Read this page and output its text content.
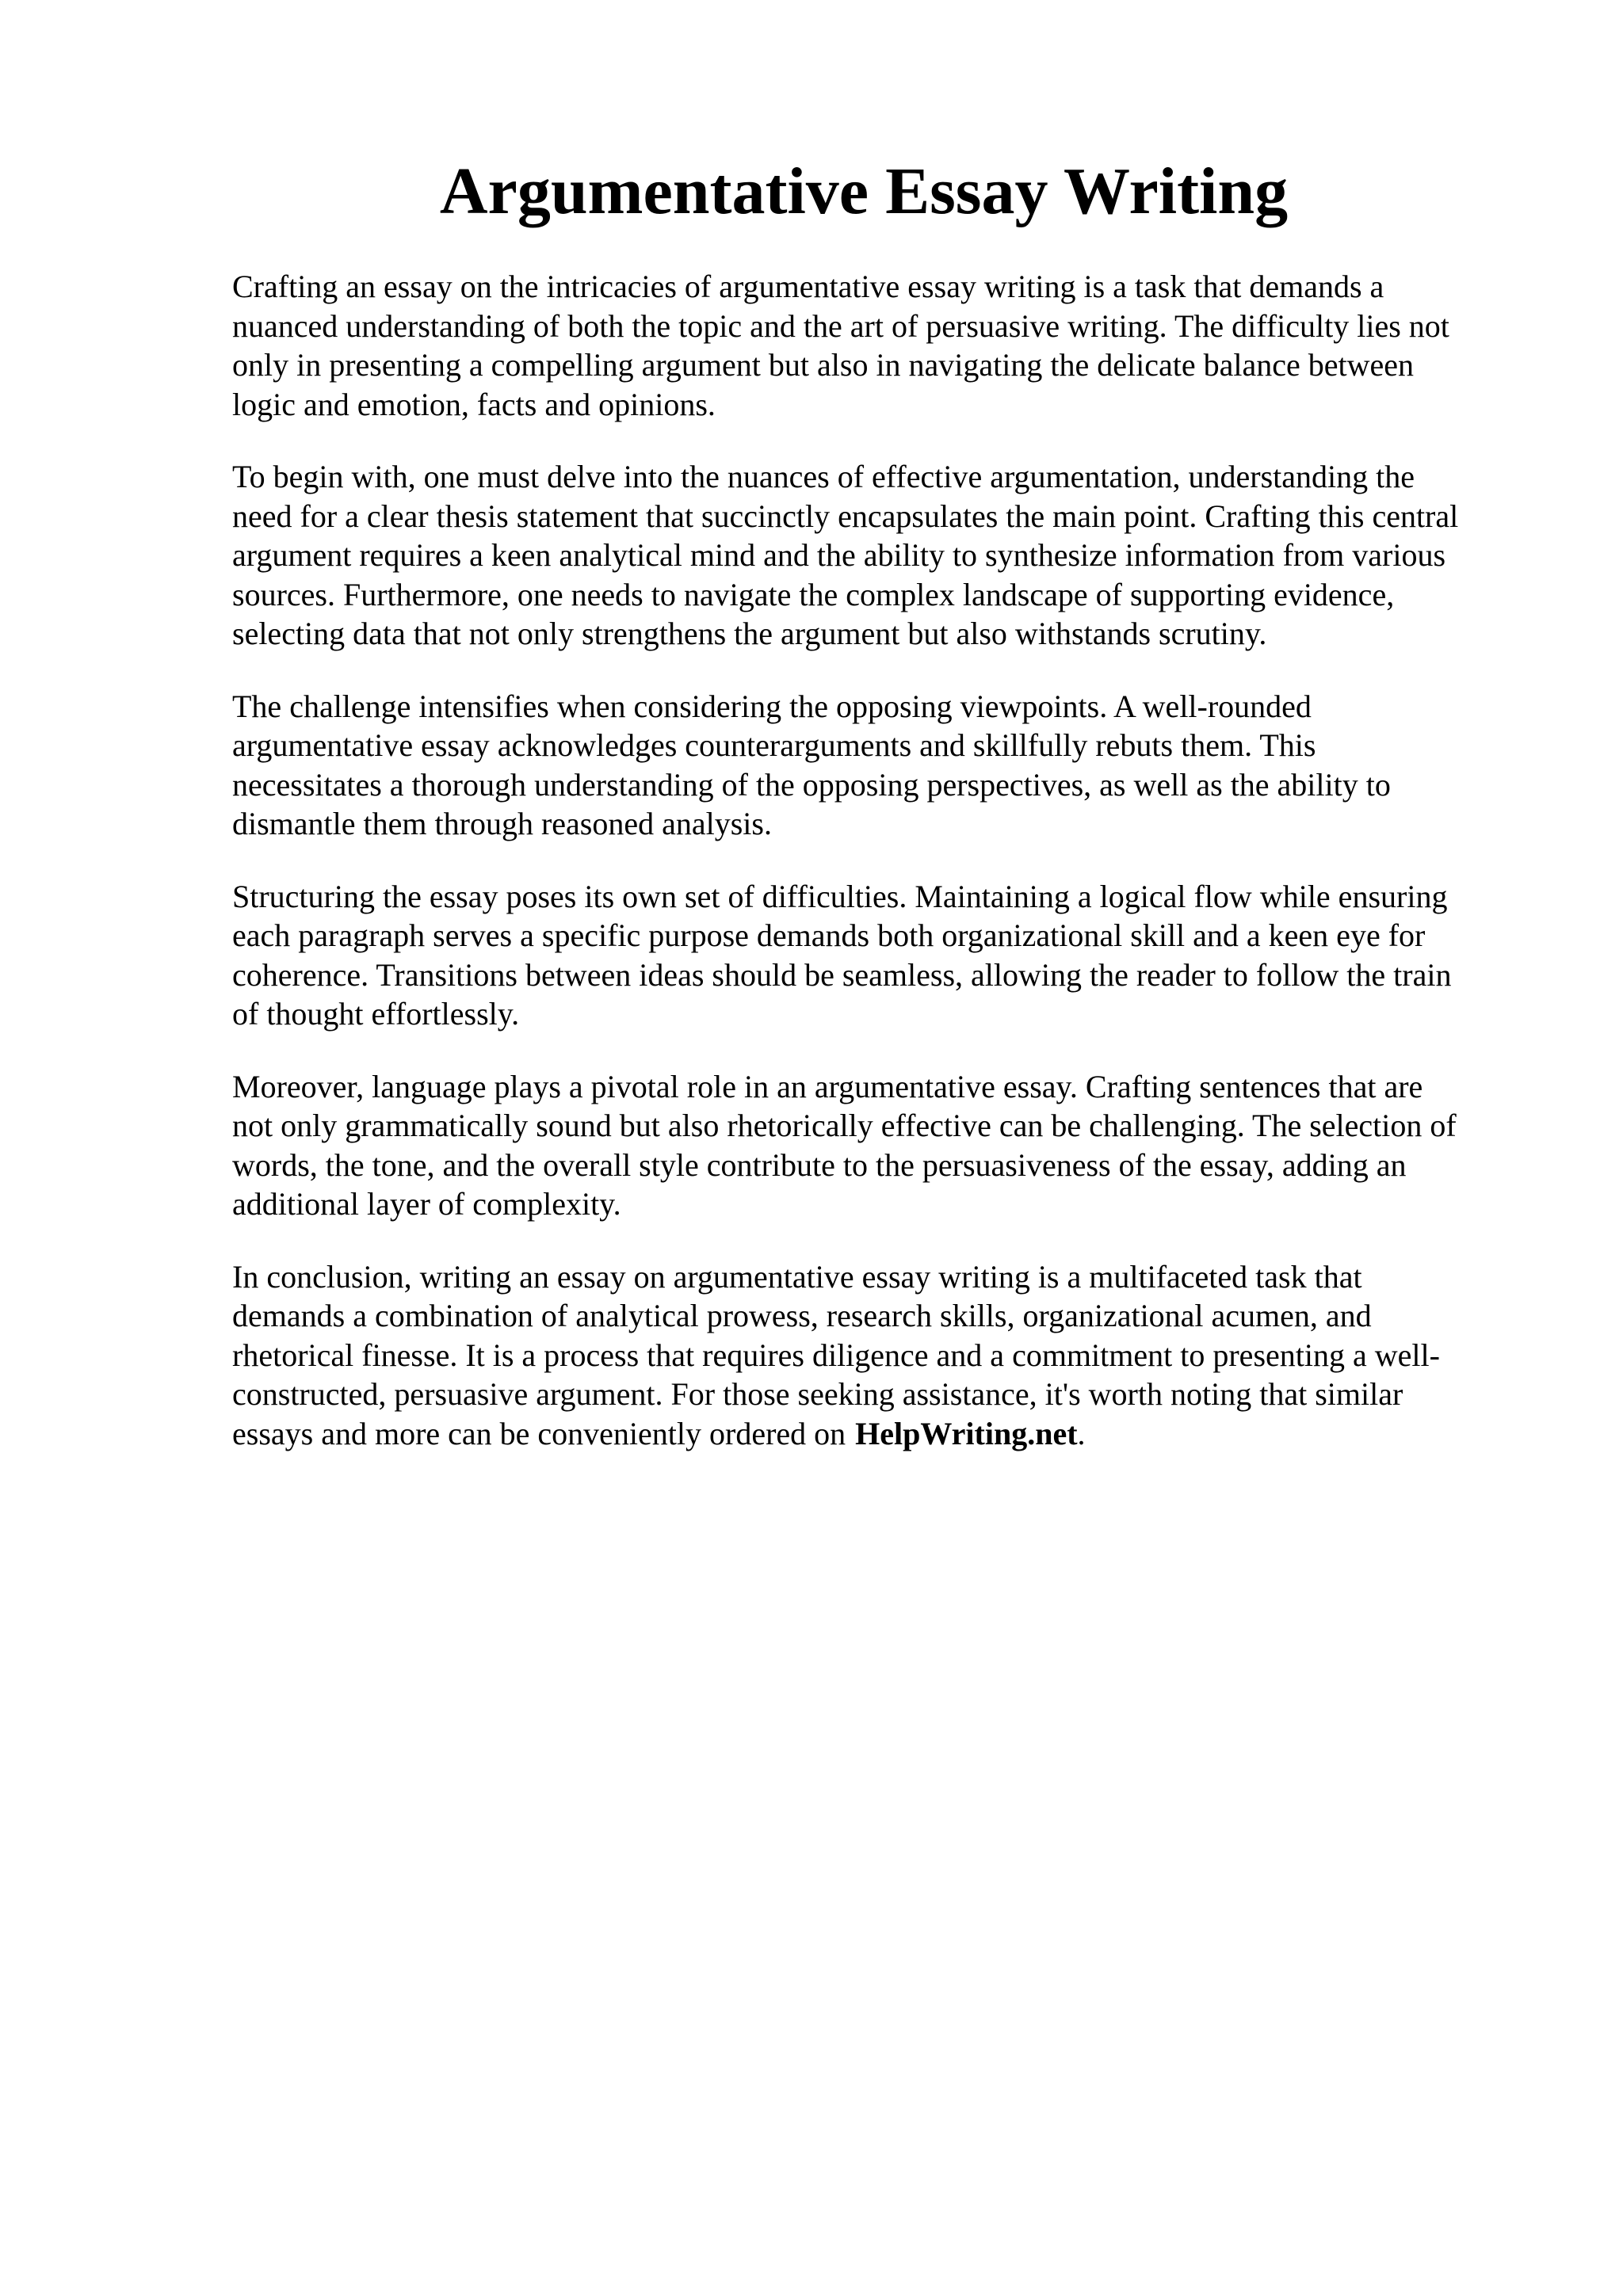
Argumentative Essay Writing

Crafting an essay on the intricacies of argumentative essay writing is a task that demands a
nuanced understanding of both the topic and the art of persuasive writing. The difficulty lies not
only in presenting a compelling argument but also in navigating the delicate balance between
logic and emotion, facts and opinions.

To begin with, one must delve into the nuances of effective argumentation, understanding the
need for a clear thesis statement that succinctly encapsulates the main point. Crafting this central
argument requires a keen analytical mind and the ability to synthesize information from various
sources. Furthermore, one needs to navigate the complex landscape of supporting evidence,
selecting data that not only strengthens the argument but also withstands scrutiny.

The challenge intensifies when considering the opposing viewpoints. A well-rounded
argumentative essay acknowledges counterarguments and skillfully rebuts them. This
necessitates a thorough understanding of the opposing perspectives, as well as the ability to
dismantle them through reasoned analysis.

Structuring the essay poses its own set of difficulties. Maintaining a logical flow while ensuring
each paragraph serves a specific purpose demands both organizational skill and a keen eye for
coherence. Transitions between ideas should be seamless, allowing the reader to follow the train
of thought effortlessly.

Moreover, language plays a pivotal role in an argumentative essay. Crafting sentences that are
not only grammatically sound but also rhetorically effective can be challenging. The selection of
words, the tone, and the overall style contribute to the persuasiveness of the essay, adding an
additional layer of complexity.

In conclusion, writing an essay on argumentative essay writing is a multifaceted task that
demands a combination of analytical prowess, research skills, organizational acumen, and
rhetorical finesse. It is a process that requires diligence and a commitment to presenting a well-
constructed, persuasive argument. For those seeking assistance, it's worth noting that similar
essays and more can be conveniently ordered on HelpWriting.net.
